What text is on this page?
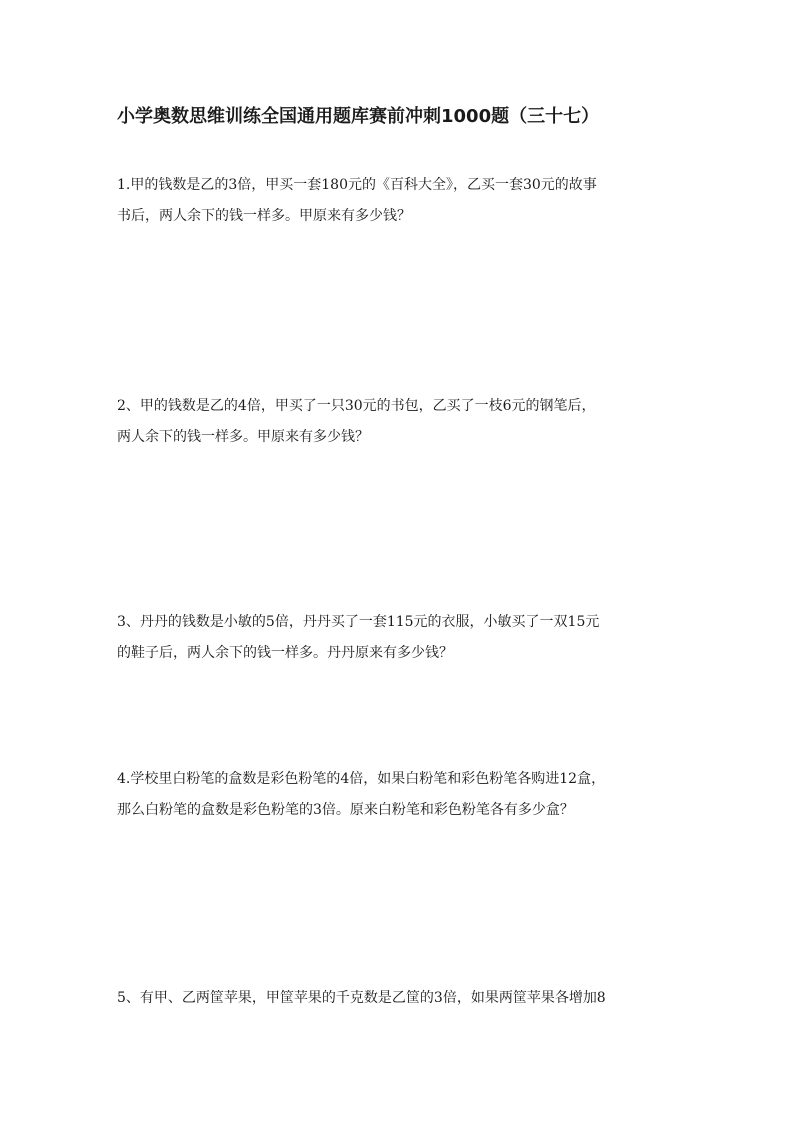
小学奥数思维训练全国通用题库赛前冲刺1000题（三十七）

1.甲的钱数是乙的3倍，甲买一套180元的《百科大全》，乙买一套30元的故事

书后，两人余下的钱一样多。甲原来有多少钱？

2、甲的钱数是乙的4倍，甲买了一只30元的书包，乙买了一枝6元的钢笔后，

两人余下的钱一样多。甲原来有多少钱？

3、丹丹的钱数是小敏的5倍，丹丹买了一套115元的衣服，小敏买了一双15元

的鞋子后，两人余下的钱一样多。丹丹原来有多少钱？

4.学校里白粉笔的盒数是彩色粉笔的4倍，如果白粉笔和彩色粉笔各购进12盒，

那么白粉笔的盒数是彩色粉笔的3倍。原来白粉笔和彩色粉笔各有多少盒？

5、有甲、乙两筐苹果，甲筐苹果的千克数是乙筐的3倍，如果两筐苹果各增加8
